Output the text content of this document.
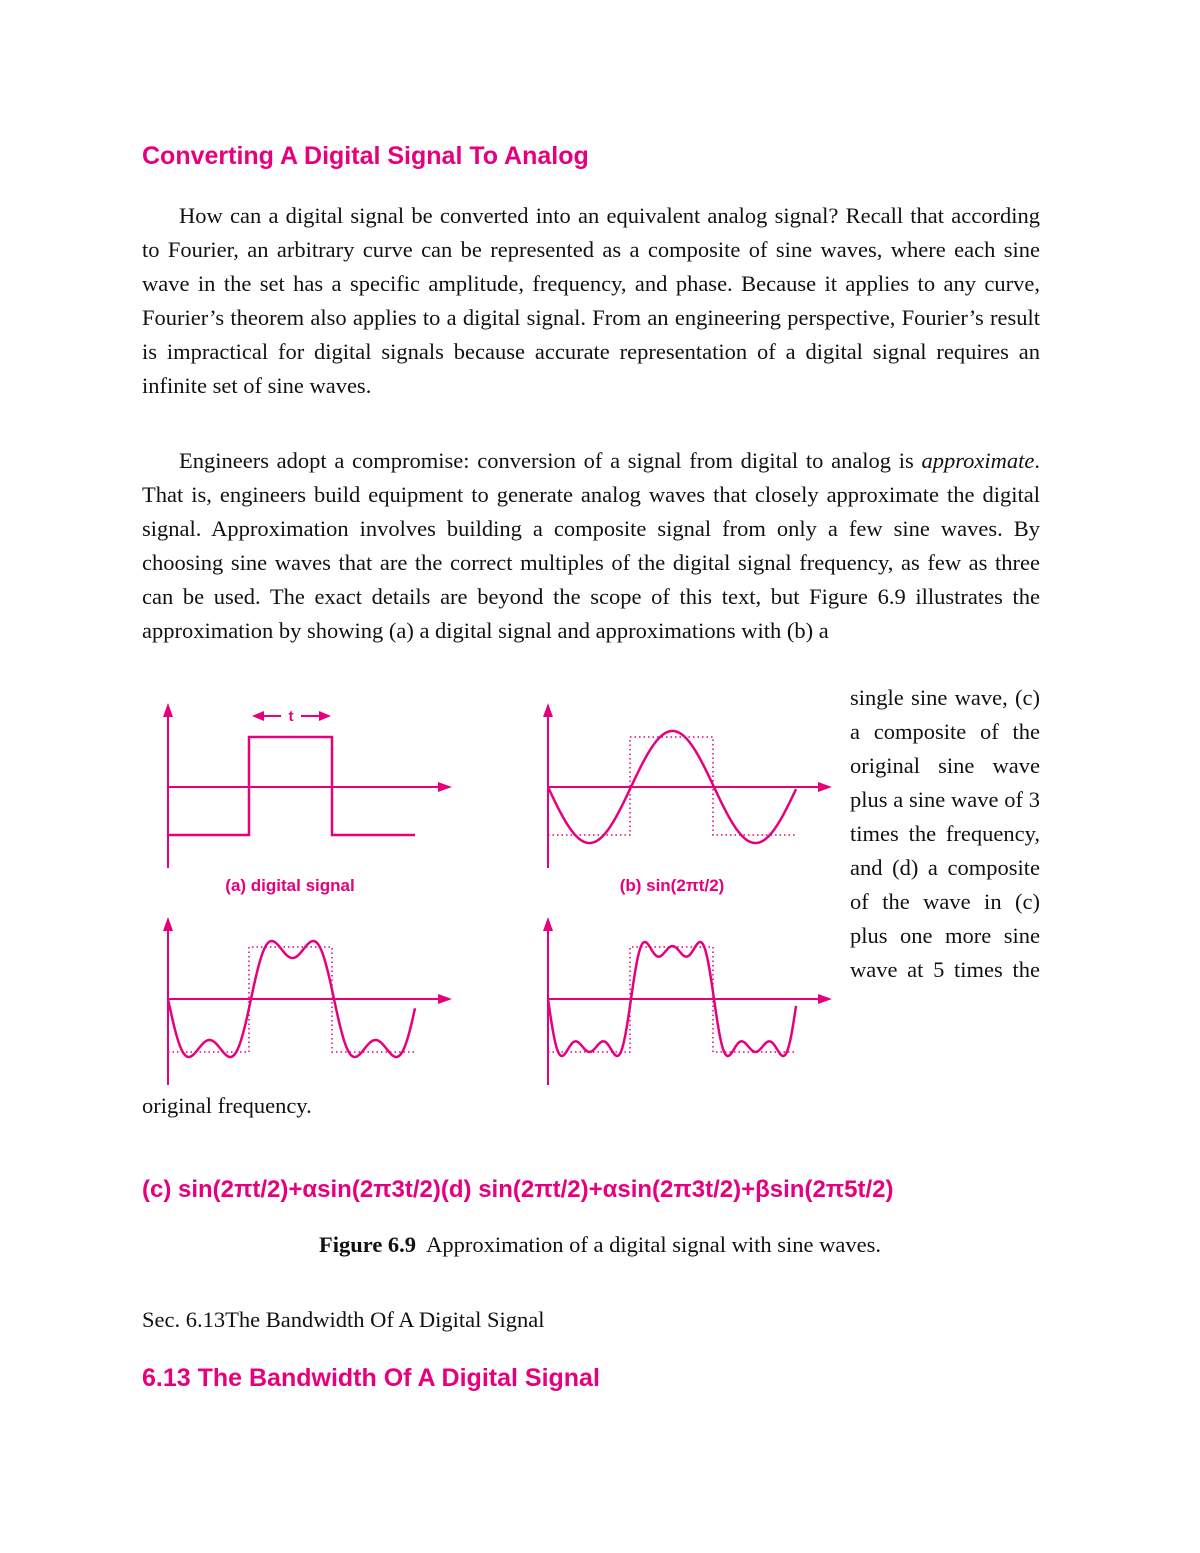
Converting A Digital Signal To Analog

How can a digital signal be converted into an equivalent analog signal? Recall that according to Fourier, an arbitrary curve can be represented as a composite of sine waves, where each sine wave in the set has a specific amplitude, frequency, and phase. Because it applies to any curve, Fourier’s theorem also applies to a digital signal. From an engineering perspective, Fourier’s result is impractical for digital signals because accurate representation of a digital signal requires an infinite set of sine waves.

Engineers adopt a compromise: conversion of a signal from digital to analog is approximate. That is, engineers build equipment to generate analog waves that closely approximate the digital signal. Approximation involves building a composite signal from only a few sine waves. By choosing sine waves that are the correct multiples of the digital signal frequency, as few as three can be used. The exact details are beyond the scope of this text, but Figure 6.9 illustrates the approximation by showing (a) a digital signal and approximations with (b) a

t
(a) digital signal	(b) sin(2πt/2)

single sine wave, (c) a composite of the original sine wave plus a sine wave of 3 times the frequency, and (d) a composite of the wave in (c) plus one more sine wave at 5 times the

original frequency.

(c) sin(2πt/2)+αsin(2π3t/2)(d) sin(2πt/2)+αsin(2π3t/2)+βsin(2π5t/2)

Figure 6.9 Approximation of a digital signal with sine waves.

Sec. 6.13The Bandwidth Of A Digital Signal

6.13 The Bandwidth Of A Digital Signal
